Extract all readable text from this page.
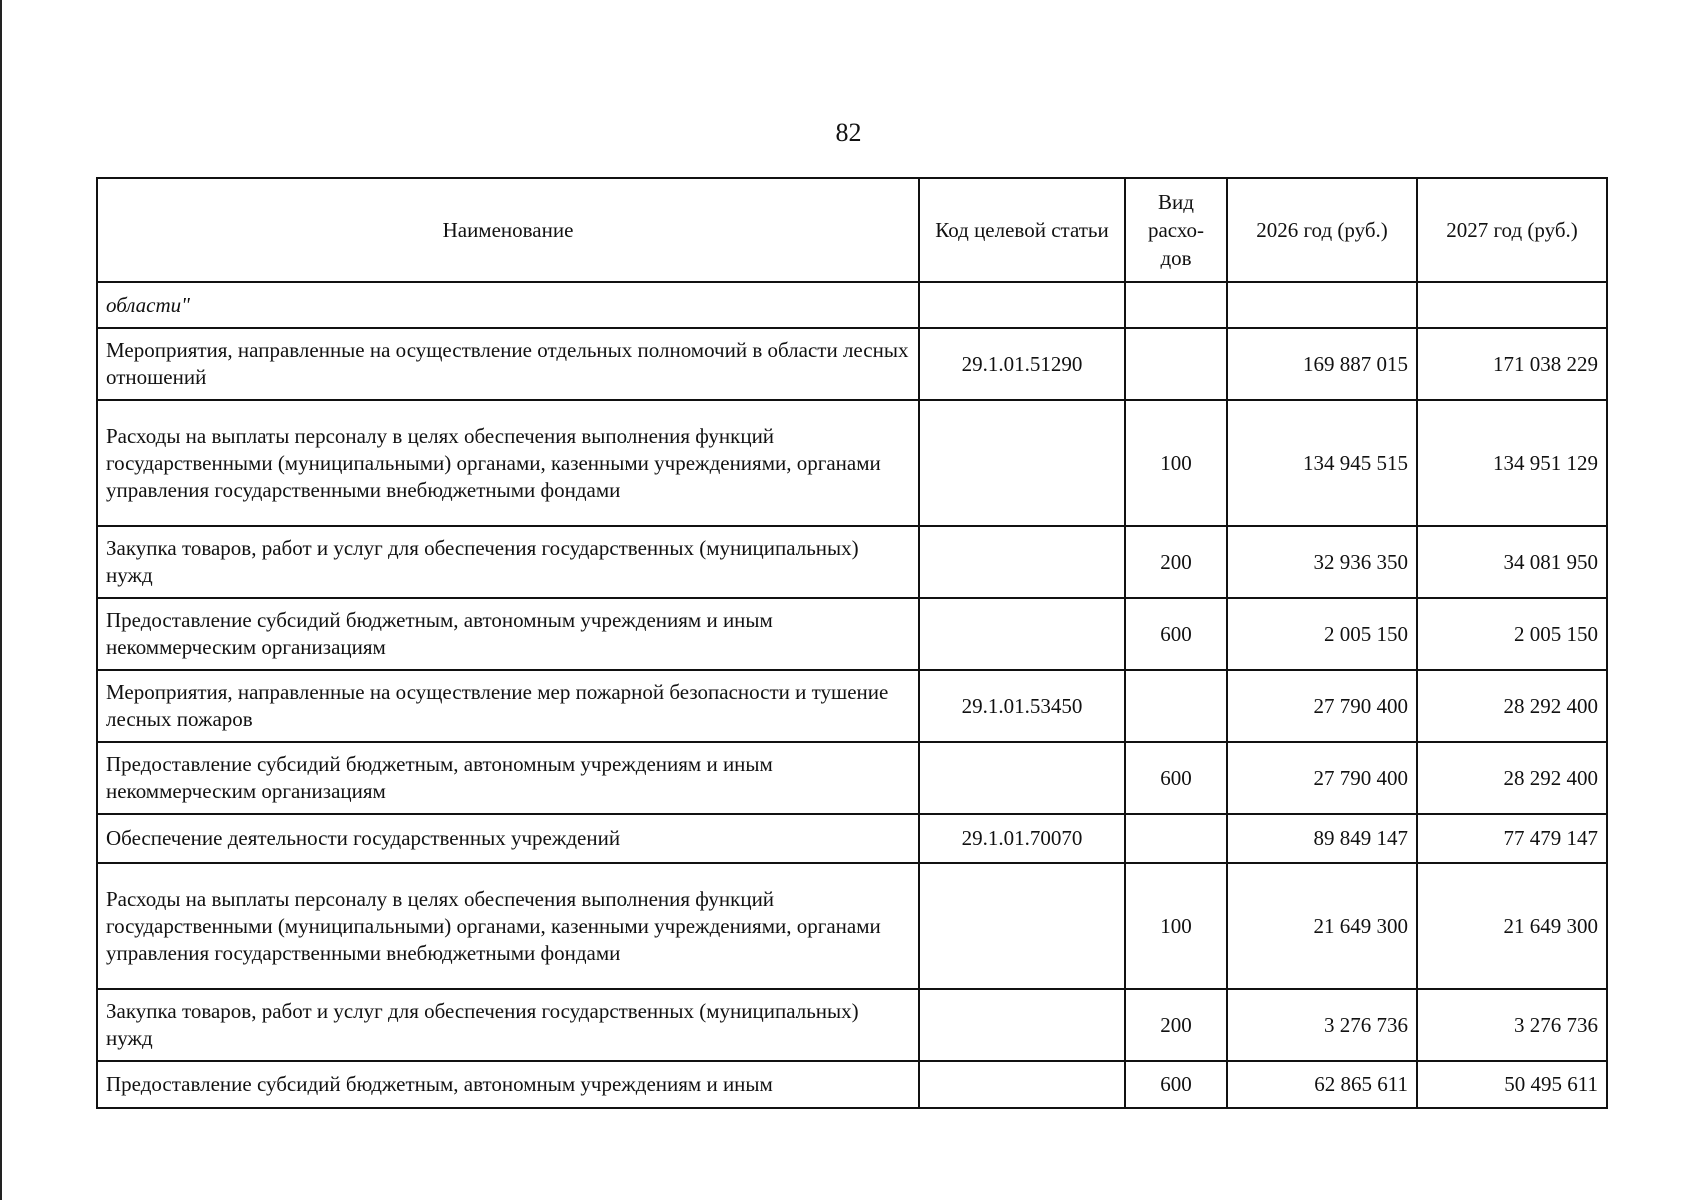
82
Наименование	Код целевой статьи	Вид расхо-дов	2026 год (руб.)	2027 год (руб.)
области"				
Мероприятия, направленные на осуществление отдельных полномочий в области лесных отношений	29.1.01.51290		169 887 015	171 038 229
Расходы на выплаты персоналу в целях обеспечения выполнения функций государственными (муниципальными) органами, казенными учреждениями, органами управления государственными внебюджетными фондами		100	134 945 515	134 951 129
Закупка товаров, работ и услуг для обеспечения государственных (муниципальных) нужд		200	32 936 350	34 081 950
Предоставление субсидий бюджетным, автономным учреждениям и иным некоммерческим организациям		600	2 005 150	2 005 150
Мероприятия, направленные на осуществление мер пожарной безопасности и тушение лесных пожаров	29.1.01.53450		27 790 400	28 292 400
Предоставление субсидий бюджетным, автономным учреждениям и иным некоммерческим организациям		600	27 790 400	28 292 400
Обеспечение деятельности государственных учреждений	29.1.01.70070		89 849 147	77 479 147
Расходы на выплаты персоналу в целях обеспечения выполнения функций государственными (муниципальными) органами, казенными учреждениями, органами управления государственными внебюджетными фондами		100	21 649 300	21 649 300
Закупка товаров, работ и услуг для обеспечения государственных (муниципальных) нужд		200	3 276 736	3 276 736
Предоставление субсидий бюджетным, автономным учреждениям и иным		600	62 865 611	50 495 611
